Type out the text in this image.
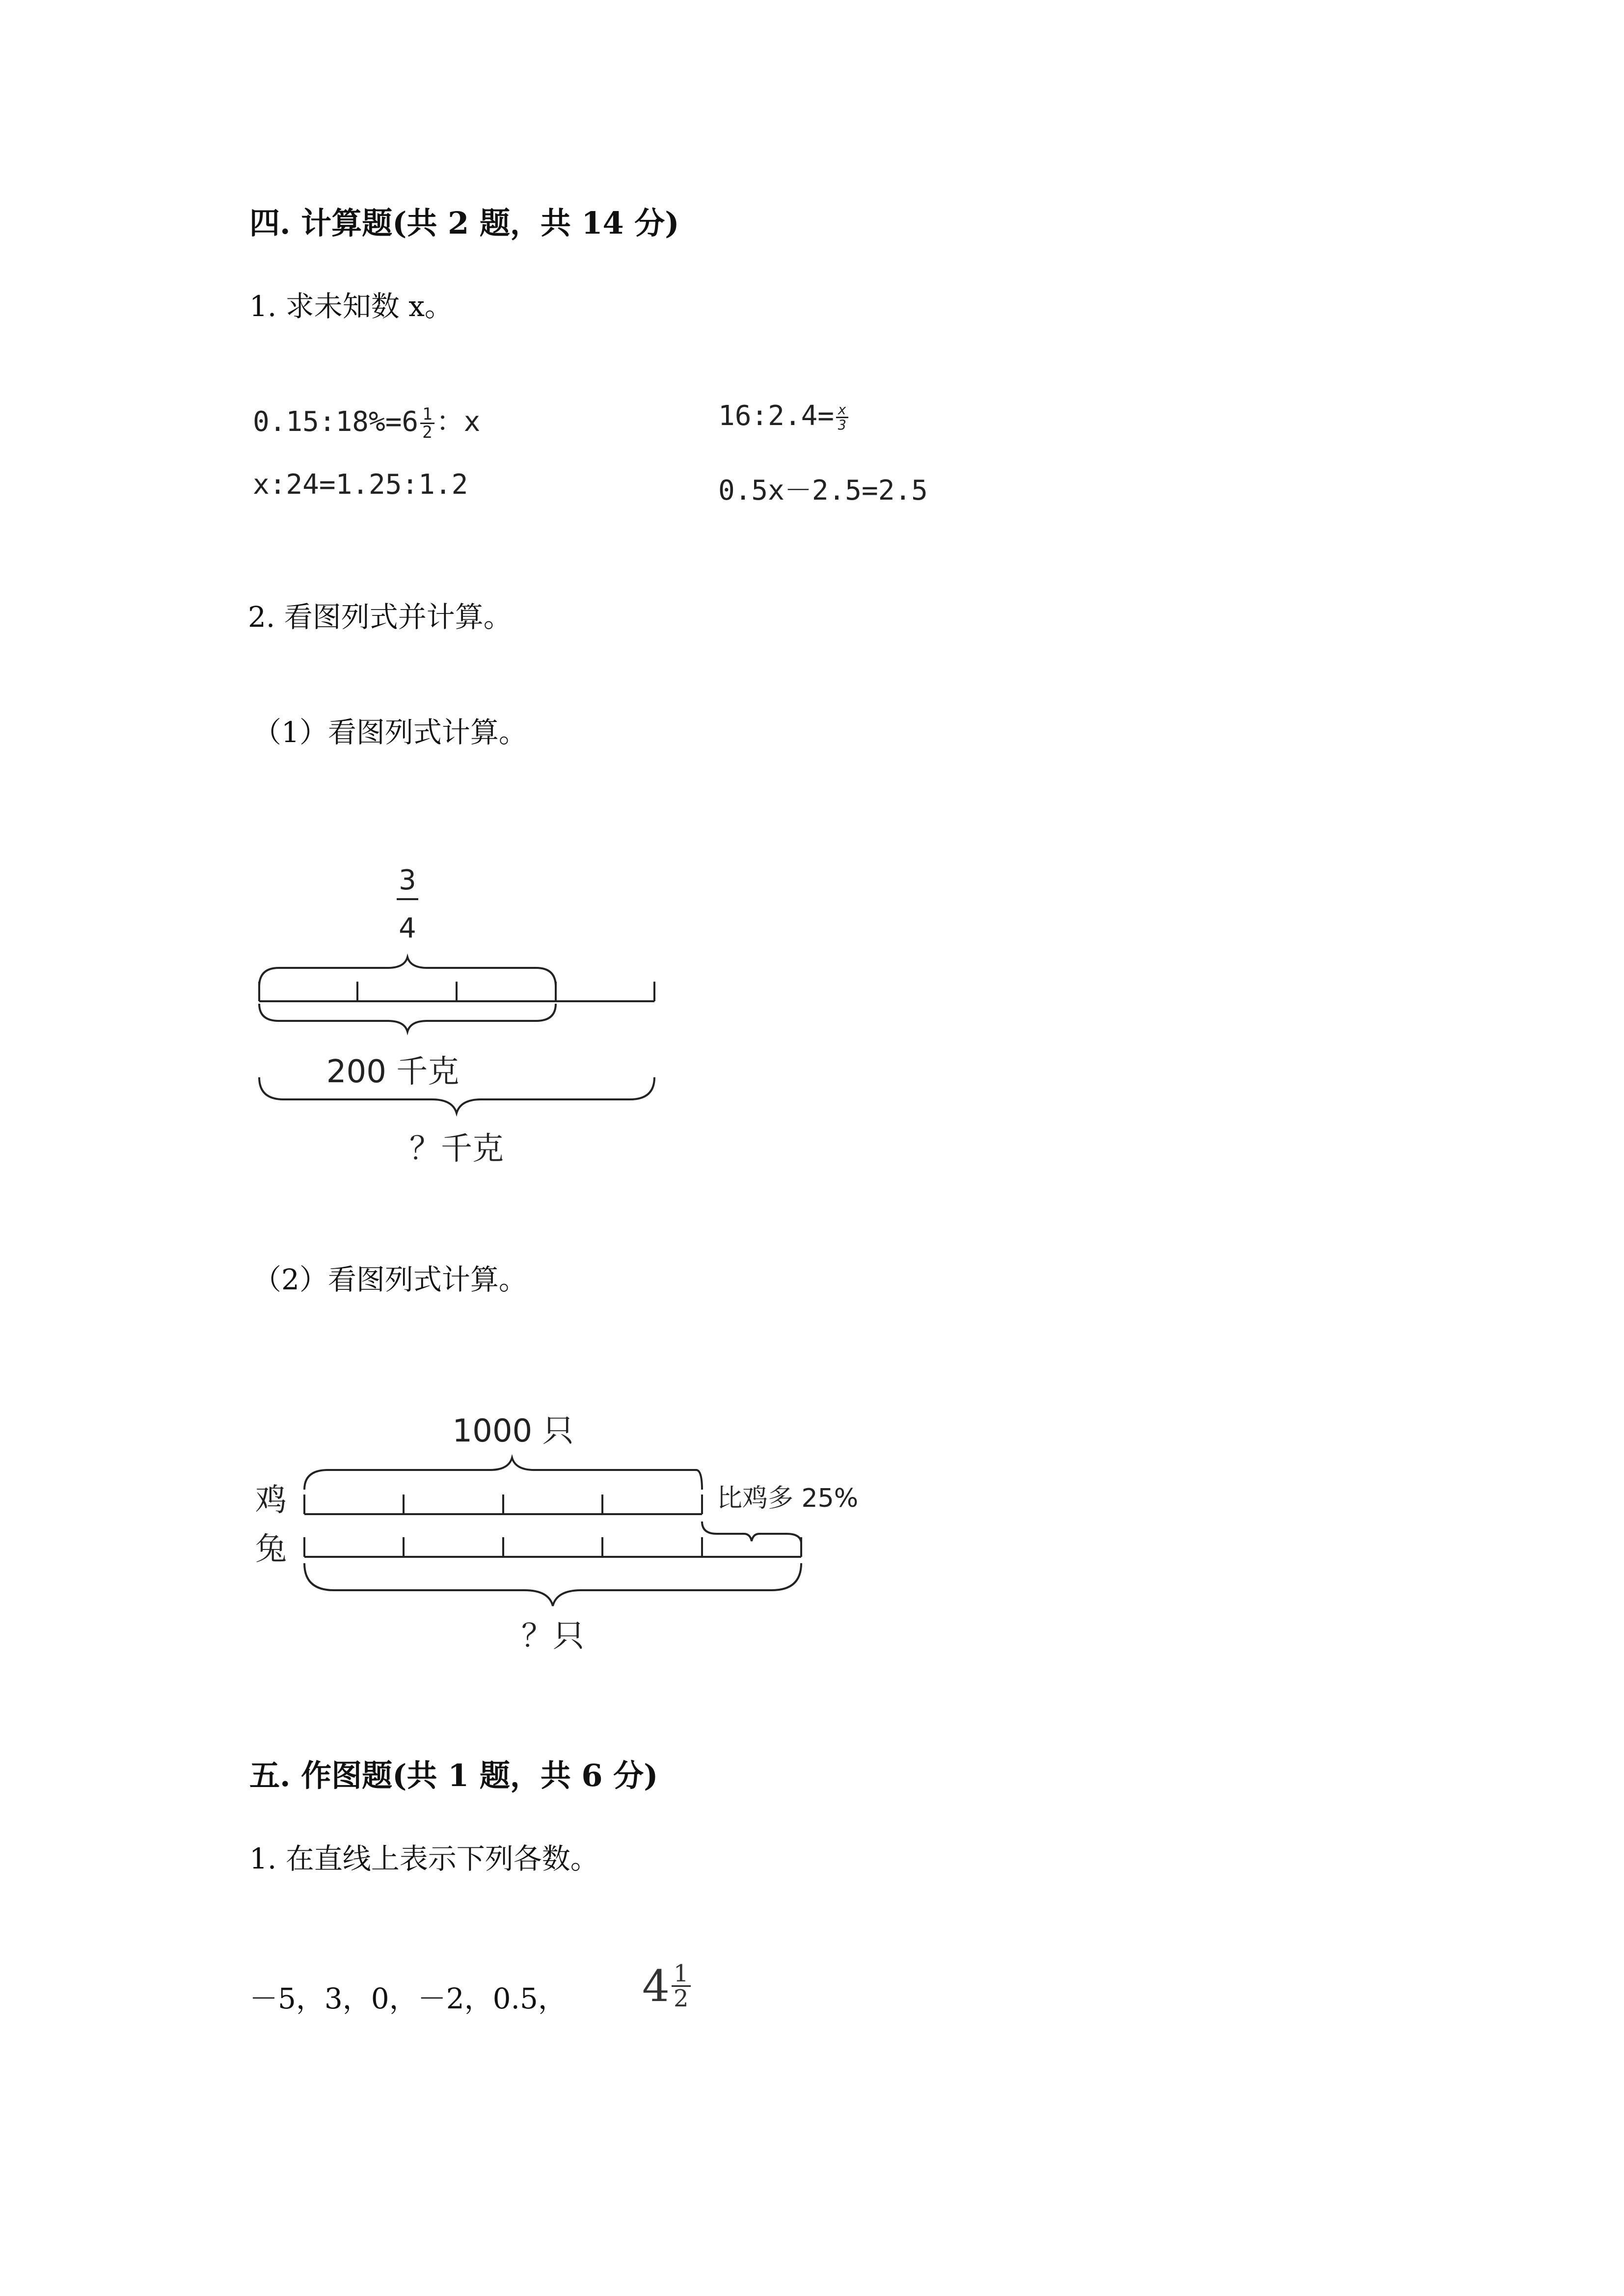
四. 计算题(共 2 题，共 14 分)
1. 求未知数 x。
0.15:18%=6 $\frac{1}{2}$ ：x	16:2.4= $\frac{x}{3}$
x:24=1.25:1.2	0.5x－2.5=2.5
2. 看图列式并计算。
（1）看图列式计算。
3
4
200 千克
？千克
（2）看图列式计算。
1000 只
鸡	比鸡多 25%
兔
？只
五. 作图题(共 1 题，共 6 分)
1. 在直线上表示下列各数。
－5，3，0，－2，0.5， $4 \frac{1}{2}$
